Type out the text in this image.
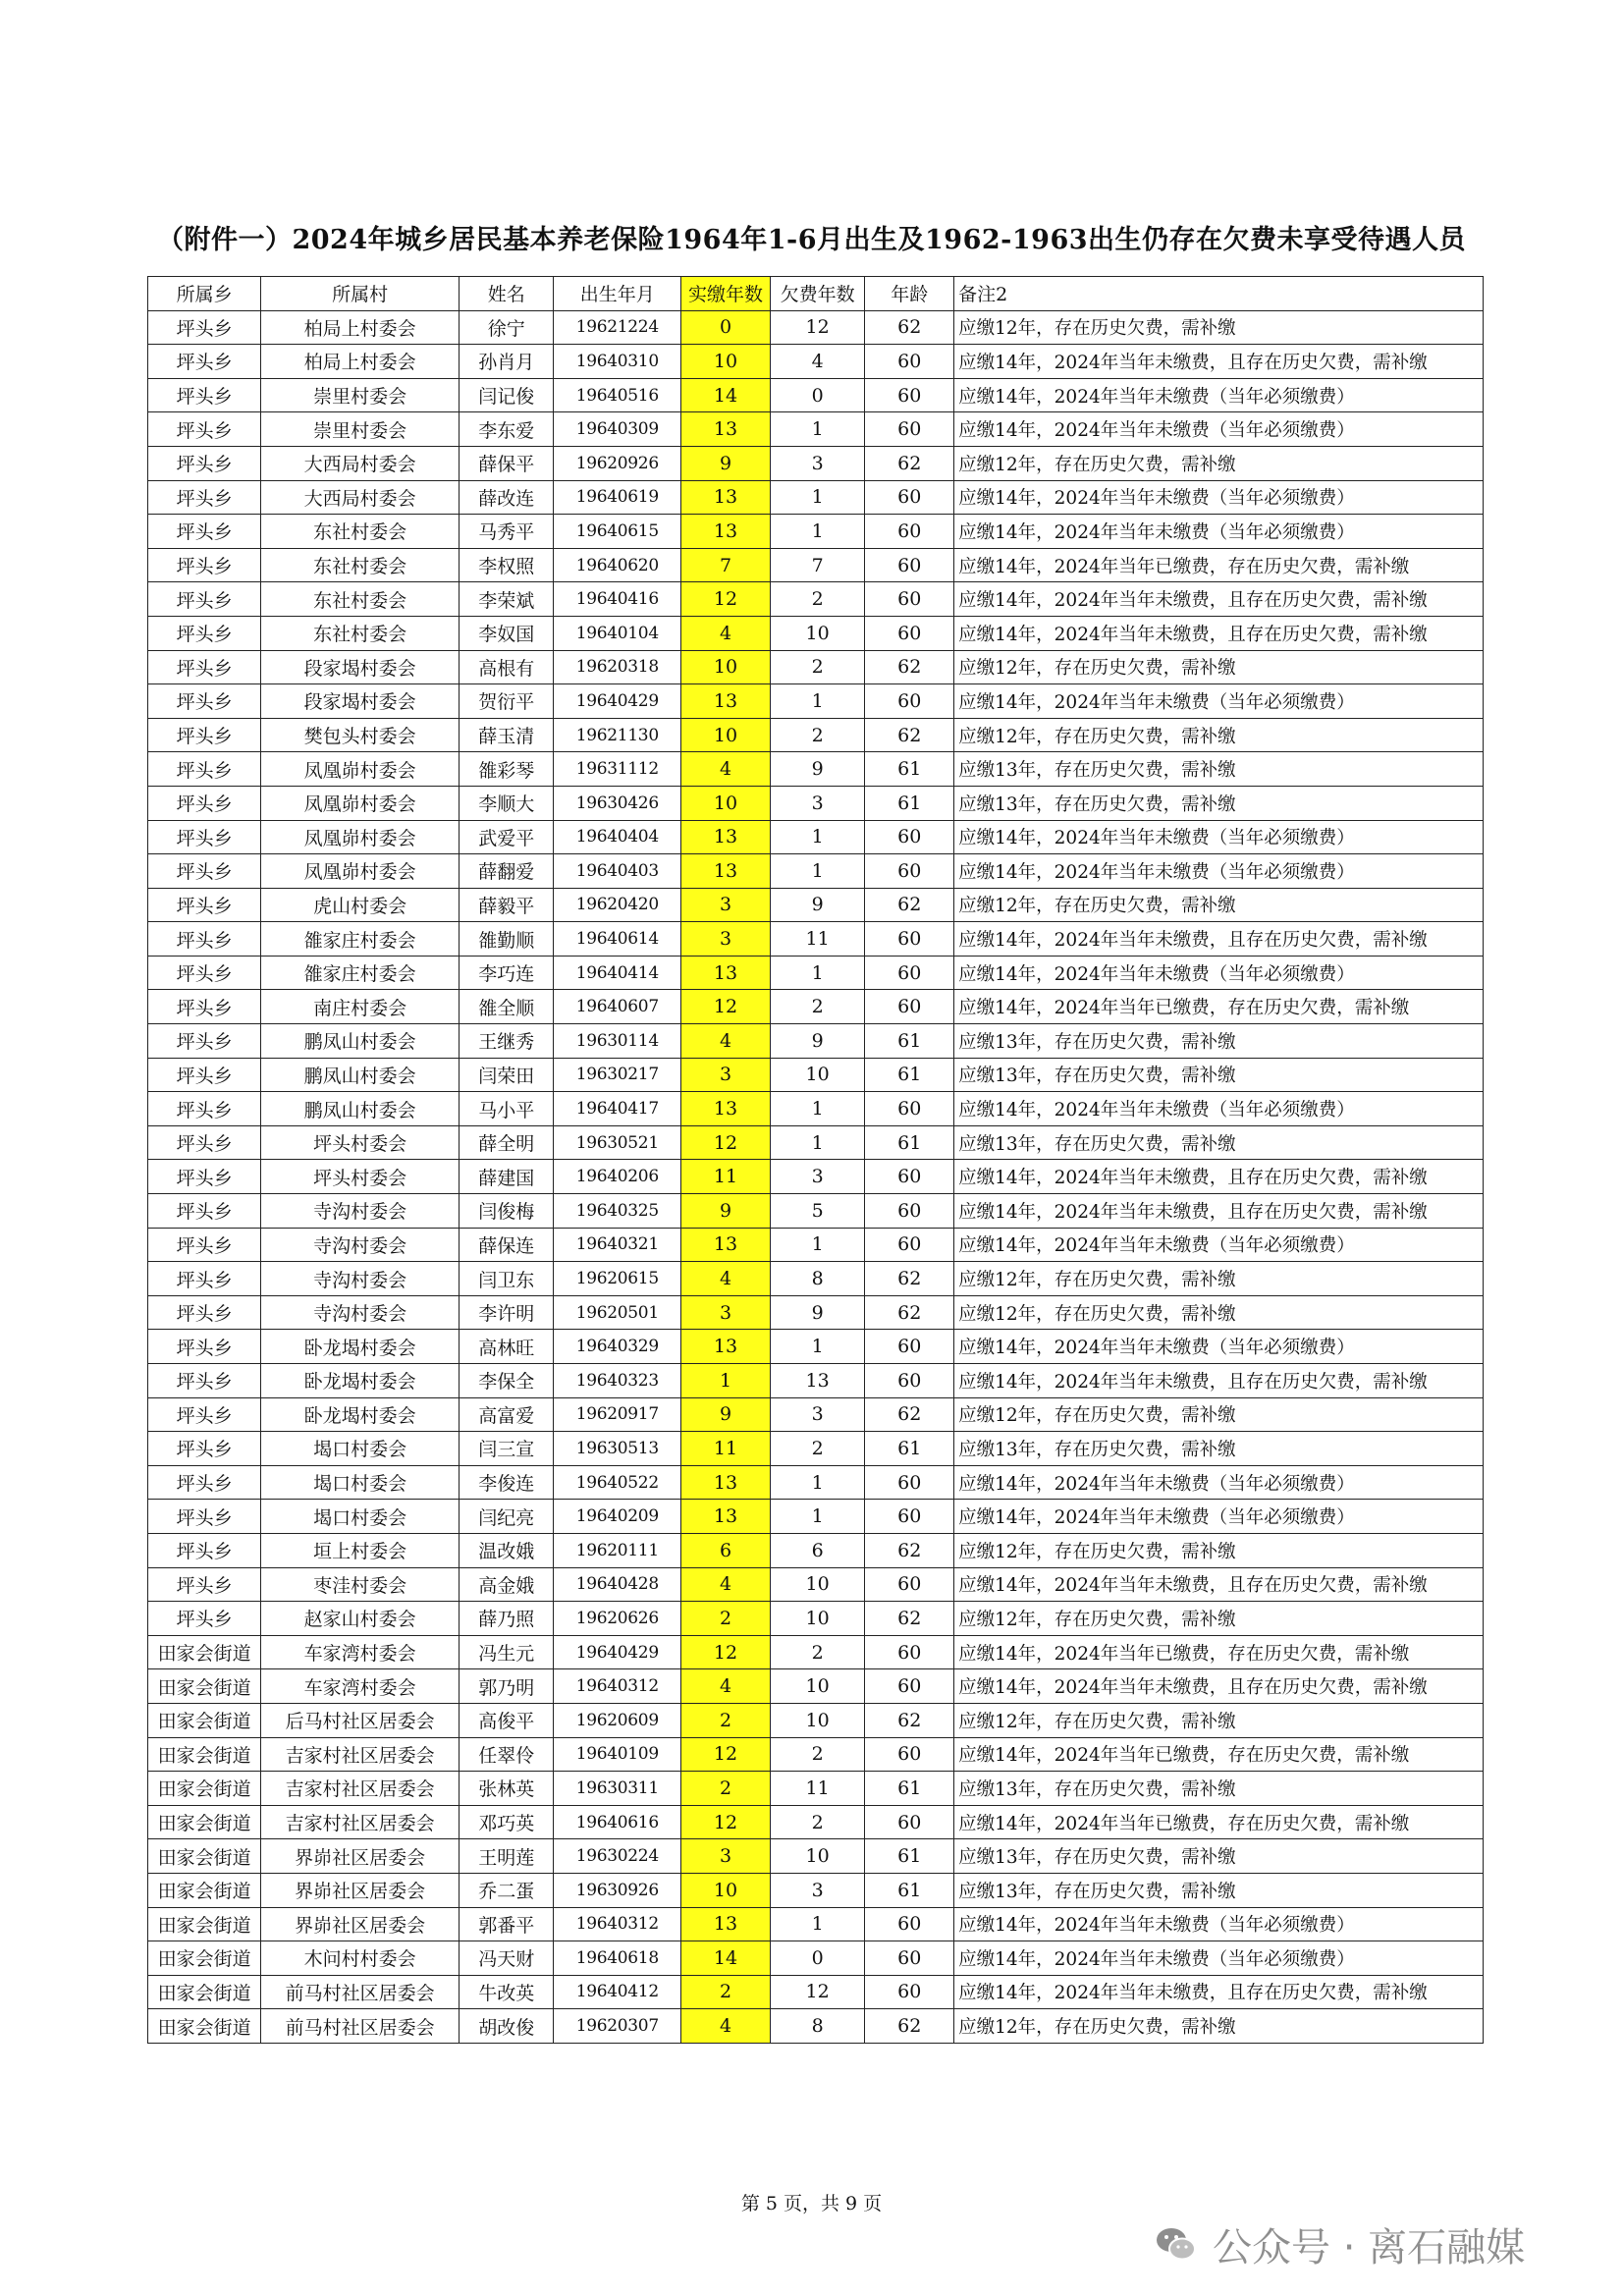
（附件一）2024年城乡居民基本养老保险1964年1-6月出生及1962-1963出生仍存在欠费未享受待遇人员
所属乡	所属村	姓名	出生年月	实缴年数	欠费年数	年龄	备注2
坪头乡	柏局上村委会	徐宁	19621224	0	12	62	应缴12年，存在历史欠费，需补缴
坪头乡	柏局上村委会	孙肖月	19640310	10	4	60	应缴14年，2024年当年未缴费，且存在历史欠费，需补缴
坪头乡	崇里村委会	闫记俊	19640516	14	0	60	应缴14年，2024年当年未缴费（当年必须缴费）
坪头乡	崇里村委会	李东爱	19640309	13	1	60	应缴14年，2024年当年未缴费（当年必须缴费）
坪头乡	大西局村委会	薛保平	19620926	9	3	62	应缴12年，存在历史欠费，需补缴
坪头乡	大西局村委会	薛改连	19640619	13	1	60	应缴14年，2024年当年未缴费（当年必须缴费）
坪头乡	东社村委会	马秀平	19640615	13	1	60	应缴14年，2024年当年未缴费（当年必须缴费）
坪头乡	东社村委会	李权照	19640620	7	7	60	应缴14年，2024年当年已缴费，存在历史欠费，需补缴
坪头乡	东社村委会	李荣斌	19640416	12	2	60	应缴14年，2024年当年未缴费，且存在历史欠费，需补缴
坪头乡	东社村委会	李奴国	19640104	4	10	60	应缴14年，2024年当年未缴费，且存在历史欠费，需补缴
坪头乡	段家堨村委会	高根有	19620318	10	2	62	应缴12年，存在历史欠费，需补缴
坪头乡	段家堨村委会	贺衍平	19640429	13	1	60	应缴14年，2024年当年未缴费（当年必须缴费）
坪头乡	樊包头村委会	薛玉清	19621130	10	2	62	应缴12年，存在历史欠费，需补缴
坪头乡	凤凰峁村委会	雒彩琴	19631112	4	9	61	应缴13年，存在历史欠费，需补缴
坪头乡	凤凰峁村委会	李顺大	19630426	10	3	61	应缴13年，存在历史欠费，需补缴
坪头乡	凤凰峁村委会	武爱平	19640404	13	1	60	应缴14年，2024年当年未缴费（当年必须缴费）
坪头乡	凤凰峁村委会	薛翻爱	19640403	13	1	60	应缴14年，2024年当年未缴费（当年必须缴费）
坪头乡	虎山村委会	薛毅平	19620420	3	9	62	应缴12年，存在历史欠费，需补缴
坪头乡	雒家庄村委会	雒勤顺	19640614	3	11	60	应缴14年，2024年当年未缴费，且存在历史欠费，需补缴
坪头乡	雒家庄村委会	李巧连	19640414	13	1	60	应缴14年，2024年当年未缴费（当年必须缴费）
坪头乡	南庄村委会	雒全顺	19640607	12	2	60	应缴14年，2024年当年已缴费，存在历史欠费，需补缴
坪头乡	鹏凤山村委会	王继秀	19630114	4	9	61	应缴13年，存在历史欠费，需补缴
坪头乡	鹏凤山村委会	闫荣田	19630217	3	10	61	应缴13年，存在历史欠费，需补缴
坪头乡	鹏凤山村委会	马小平	19640417	13	1	60	应缴14年，2024年当年未缴费（当年必须缴费）
坪头乡	坪头村委会	薛全明	19630521	12	1	61	应缴13年，存在历史欠费，需补缴
坪头乡	坪头村委会	薛建国	19640206	11	3	60	应缴14年，2024年当年未缴费，且存在历史欠费，需补缴
坪头乡	寺沟村委会	闫俊梅	19640325	9	5	60	应缴14年，2024年当年未缴费，且存在历史欠费，需补缴
坪头乡	寺沟村委会	薛保连	19640321	13	1	60	应缴14年，2024年当年未缴费（当年必须缴费）
坪头乡	寺沟村委会	闫卫东	19620615	4	8	62	应缴12年，存在历史欠费，需补缴
坪头乡	寺沟村委会	李许明	19620501	3	9	62	应缴12年，存在历史欠费，需补缴
坪头乡	卧龙堨村委会	高林旺	19640329	13	1	60	应缴14年，2024年当年未缴费（当年必须缴费）
坪头乡	卧龙堨村委会	李保全	19640323	1	13	60	应缴14年，2024年当年未缴费，且存在历史欠费，需补缴
坪头乡	卧龙堨村委会	高富爱	19620917	9	3	62	应缴12年，存在历史欠费，需补缴
坪头乡	堨口村委会	闫三宣	19630513	11	2	61	应缴13年，存在历史欠费，需补缴
坪头乡	堨口村委会	李俊连	19640522	13	1	60	应缴14年，2024年当年未缴费（当年必须缴费）
坪头乡	堨口村委会	闫纪亮	19640209	13	1	60	应缴14年，2024年当年未缴费（当年必须缴费）
坪头乡	垣上村委会	温改娥	19620111	6	6	62	应缴12年，存在历史欠费，需补缴
坪头乡	枣洼村委会	高金娥	19640428	4	10	60	应缴14年，2024年当年未缴费，且存在历史欠费，需补缴
坪头乡	赵家山村委会	薛乃照	19620626	2	10	62	应缴12年，存在历史欠费，需补缴
田家会街道	车家湾村委会	冯生元	19640429	12	2	60	应缴14年，2024年当年已缴费，存在历史欠费，需补缴
田家会街道	车家湾村委会	郭乃明	19640312	4	10	60	应缴14年，2024年当年未缴费，且存在历史欠费，需补缴
田家会街道	后马村社区居委会	高俊平	19620609	2	10	62	应缴12年，存在历史欠费，需补缴
田家会街道	吉家村社区居委会	任翠伶	19640109	12	2	60	应缴14年，2024年当年已缴费，存在历史欠费，需补缴
田家会街道	吉家村社区居委会	张林英	19630311	2	11	61	应缴13年，存在历史欠费，需补缴
田家会街道	吉家村社区居委会	邓巧英	19640616	12	2	60	应缴14年，2024年当年已缴费，存在历史欠费，需补缴
田家会街道	界峁社区居委会	王明莲	19630224	3	10	61	应缴13年，存在历史欠费，需补缴
田家会街道	界峁社区居委会	乔二蛋	19630926	10	3	61	应缴13年，存在历史欠费，需补缴
田家会街道	界峁社区居委会	郭番平	19640312	13	1	60	应缴14年，2024年当年未缴费（当年必须缴费）
田家会街道	木问村村委会	冯天财	19640618	14	0	60	应缴14年，2024年当年未缴费（当年必须缴费）
田家会街道	前马村社区居委会	牛改英	19640412	2	12	60	应缴14年，2024年当年未缴费，且存在历史欠费，需补缴
田家会街道	前马村社区居委会	胡改俊	19620307	4	8	62	应缴12年，存在历史欠费，需补缴
第 5 页，共 9 页
公众号 · 离石融媒
